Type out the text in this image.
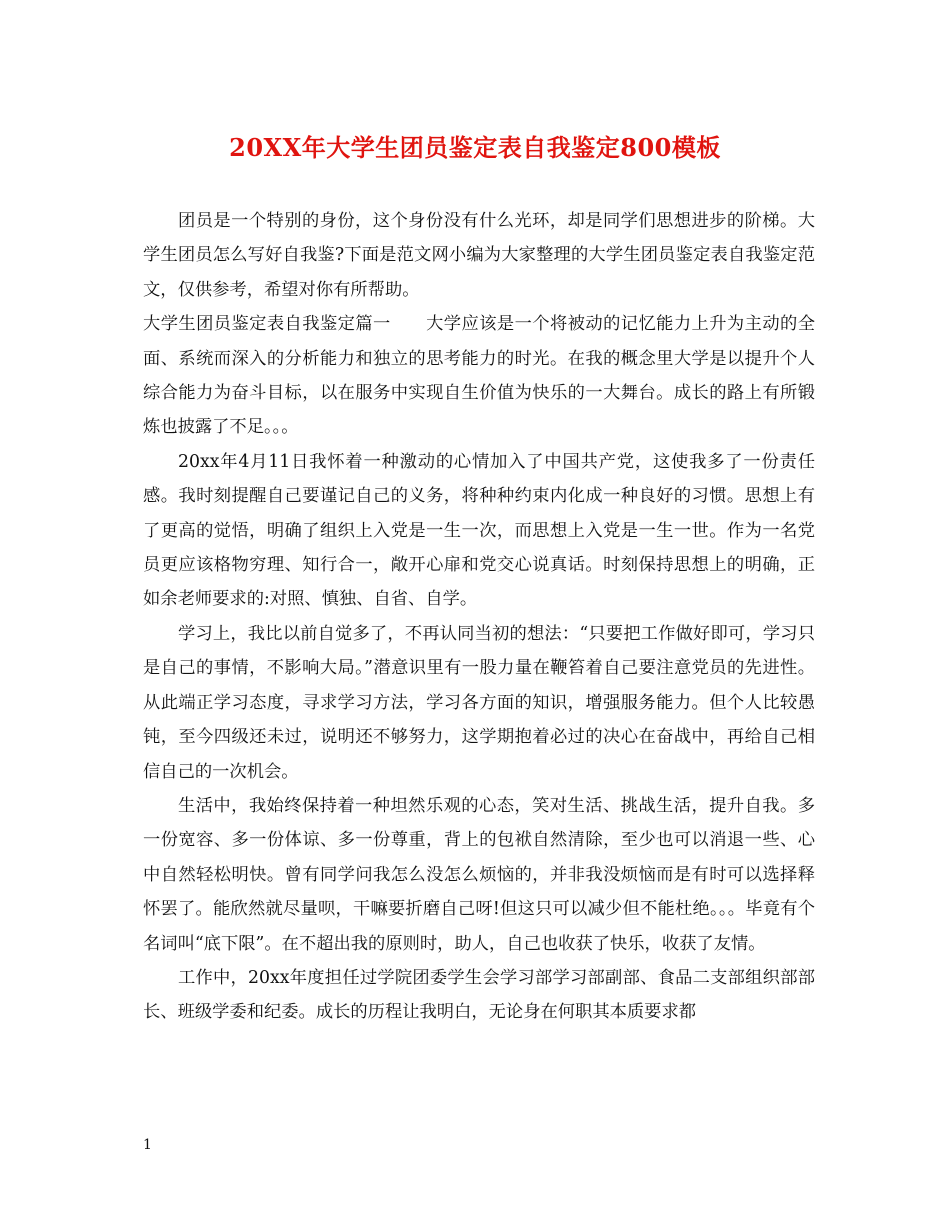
20XX年大学生团员鉴定表自我鉴定800模板

团员是一个特别的身份，这个身份没有什么光环，却是同学们思想进步的阶梯。大学生团员怎么写好自我鉴?下面是范文网小编为大家整理的大学生团员鉴定表自我鉴定范文，仅供参考，希望对你有所帮助。

大学生团员鉴定表自我鉴定篇一　　大学应该是一个将被动的记忆能力上升为主动的全面、系统而深入的分析能力和独立的思考能力的时光。在我的概念里大学是以提升个人综合能力为奋斗目标，以在服务中实现自生价值为快乐的一大舞台。成长的路上有所锻炼也披露了不足。。。

20xx年4月11日我怀着一种激动的心情加入了中国共产党，这使我多了一份责任感。我时刻提醒自己要谨记自己的义务，将种种约束内化成一种良好的习惯。思想上有了更高的觉悟，明确了组织上入党是一生一次，而思想上入党是一生一世。作为一名党员更应该格物穷理、知行合一，敞开心扉和党交心说真话。时刻保持思想上的明确，正如余老师要求的:对照、慎独、自省、自学。

学习上，我比以前自觉多了，不再认同当初的想法：“只要把工作做好即可，学习只是自己的事情，不影响大局。”潜意识里有一股力量在鞭笞着自己要注意党员的先进性。从此端正学习态度，寻求学习方法，学习各方面的知识，增强服务能力。但个人比较愚钝，至今四级还未过，说明还不够努力，这学期抱着必过的决心在奋战中，再给自己相信自己的一次机会。

生活中，我始终保持着一种坦然乐观的心态，笑对生活、挑战生活，提升自我。多一份宽容、多一份体谅、多一份尊重，背上的包袱自然清除，至少也可以消退一些、心中自然轻松明快。曾有同学问我怎么没怎么烦恼的，并非我没烦恼而是有时可以选择释怀罢了。能欣然就尽量呗，干嘛要折磨自己呀!但这只可以减少但不能杜绝。。。毕竟有个名词叫“底下限”。在不超出我的原则时，助人，自己也收获了快乐，收获了友情。

工作中，20xx年度担任过学院团委学生会学习部学习部副部、食品二支部组织部部长、班级学委和纪委。成长的历程让我明白，无论身在何职其本质要求都

1
